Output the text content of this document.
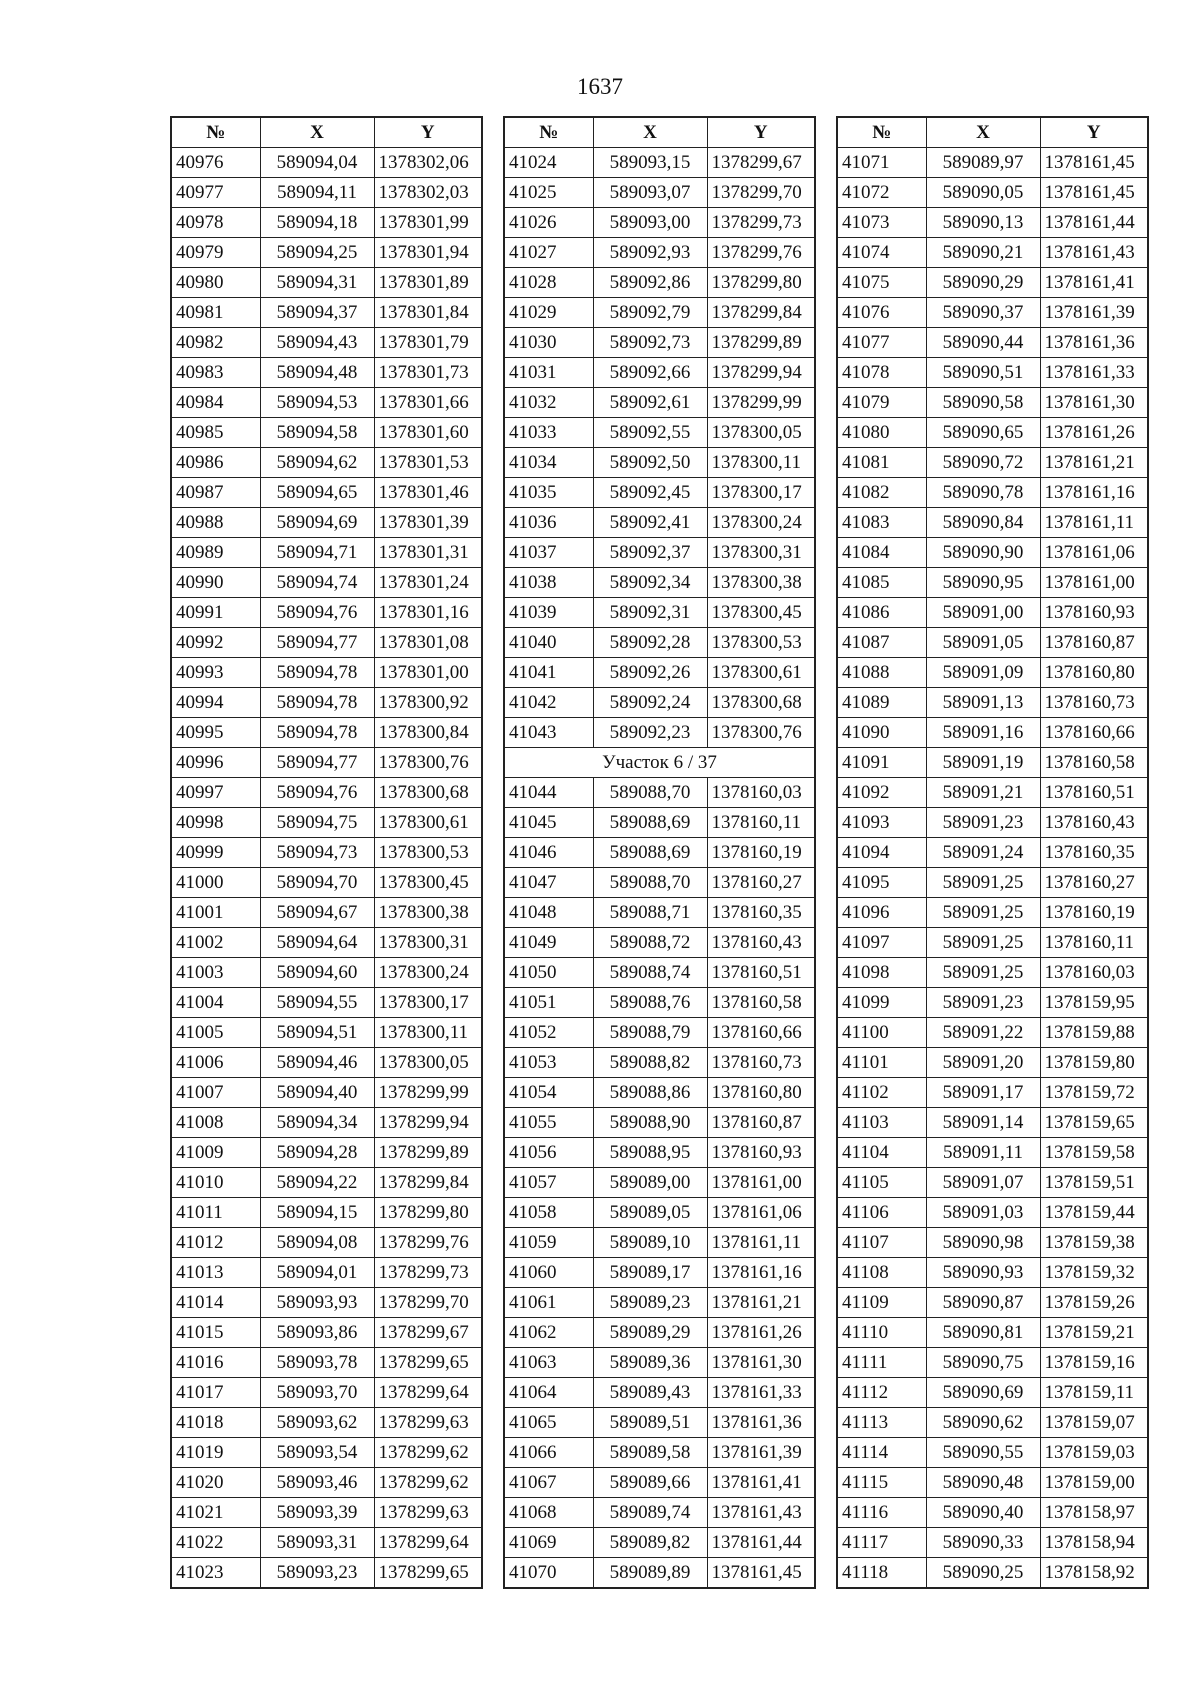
1637
№	X	Y
40976	589094,04	1378302,06
40977	589094,11	1378302,03
40978	589094,18	1378301,99
40979	589094,25	1378301,94
40980	589094,31	1378301,89
40981	589094,37	1378301,84
40982	589094,43	1378301,79
40983	589094,48	1378301,73
40984	589094,53	1378301,66
40985	589094,58	1378301,60
40986	589094,62	1378301,53
40987	589094,65	1378301,46
40988	589094,69	1378301,39
40989	589094,71	1378301,31
40990	589094,74	1378301,24
40991	589094,76	1378301,16
40992	589094,77	1378301,08
40993	589094,78	1378301,00
40994	589094,78	1378300,92
40995	589094,78	1378300,84
40996	589094,77	1378300,76
40997	589094,76	1378300,68
40998	589094,75	1378300,61
40999	589094,73	1378300,53
41000	589094,70	1378300,45
41001	589094,67	1378300,38
41002	589094,64	1378300,31
41003	589094,60	1378300,24
41004	589094,55	1378300,17
41005	589094,51	1378300,11
41006	589094,46	1378300,05
41007	589094,40	1378299,99
41008	589094,34	1378299,94
41009	589094,28	1378299,89
41010	589094,22	1378299,84
41011	589094,15	1378299,80
41012	589094,08	1378299,76
41013	589094,01	1378299,73
41014	589093,93	1378299,70
41015	589093,86	1378299,67
41016	589093,78	1378299,65
41017	589093,70	1378299,64
41018	589093,62	1378299,63
41019	589093,54	1378299,62
41020	589093,46	1378299,62
41021	589093,39	1378299,63
41022	589093,31	1378299,64
41023	589093,23	1378299,65
№	X	Y
41024	589093,15	1378299,67
41025	589093,07	1378299,70
41026	589093,00	1378299,73
41027	589092,93	1378299,76
41028	589092,86	1378299,80
41029	589092,79	1378299,84
41030	589092,73	1378299,89
41031	589092,66	1378299,94
41032	589092,61	1378299,99
41033	589092,55	1378300,05
41034	589092,50	1378300,11
41035	589092,45	1378300,17
41036	589092,41	1378300,24
41037	589092,37	1378300,31
41038	589092,34	1378300,38
41039	589092,31	1378300,45
41040	589092,28	1378300,53
41041	589092,26	1378300,61
41042	589092,24	1378300,68
41043	589092,23	1378300,76
Участок 6 / 37		
41044	589088,70	1378160,03
41045	589088,69	1378160,11
41046	589088,69	1378160,19
41047	589088,70	1378160,27
41048	589088,71	1378160,35
41049	589088,72	1378160,43
41050	589088,74	1378160,51
41051	589088,76	1378160,58
41052	589088,79	1378160,66
41053	589088,82	1378160,73
41054	589088,86	1378160,80
41055	589088,90	1378160,87
41056	589088,95	1378160,93
41057	589089,00	1378161,00
41058	589089,05	1378161,06
41059	589089,10	1378161,11
41060	589089,17	1378161,16
41061	589089,23	1378161,21
41062	589089,29	1378161,26
41063	589089,36	1378161,30
41064	589089,43	1378161,33
41065	589089,51	1378161,36
41066	589089,58	1378161,39
41067	589089,66	1378161,41
41068	589089,74	1378161,43
41069	589089,82	1378161,44
41070	589089,89	1378161,45
№	X	Y
41071	589089,97	1378161,45
41072	589090,05	1378161,45
41073	589090,13	1378161,44
41074	589090,21	1378161,43
41075	589090,29	1378161,41
41076	589090,37	1378161,39
41077	589090,44	1378161,36
41078	589090,51	1378161,33
41079	589090,58	1378161,30
41080	589090,65	1378161,26
41081	589090,72	1378161,21
41082	589090,78	1378161,16
41083	589090,84	1378161,11
41084	589090,90	1378161,06
41085	589090,95	1378161,00
41086	589091,00	1378160,93
41087	589091,05	1378160,87
41088	589091,09	1378160,80
41089	589091,13	1378160,73
41090	589091,16	1378160,66
41091	589091,19	1378160,58
41092	589091,21	1378160,51
41093	589091,23	1378160,43
41094	589091,24	1378160,35
41095	589091,25	1378160,27
41096	589091,25	1378160,19
41097	589091,25	1378160,11
41098	589091,25	1378160,03
41099	589091,23	1378159,95
41100	589091,22	1378159,88
41101	589091,20	1378159,80
41102	589091,17	1378159,72
41103	589091,14	1378159,65
41104	589091,11	1378159,58
41105	589091,07	1378159,51
41106	589091,03	1378159,44
41107	589090,98	1378159,38
41108	589090,93	1378159,32
41109	589090,87	1378159,26
41110	589090,81	1378159,21
41111	589090,75	1378159,16
41112	589090,69	1378159,11
41113	589090,62	1378159,07
41114	589090,55	1378159,03
41115	589090,48	1378159,00
41116	589090,40	1378158,97
41117	589090,33	1378158,94
41118	589090,25	1378158,92
